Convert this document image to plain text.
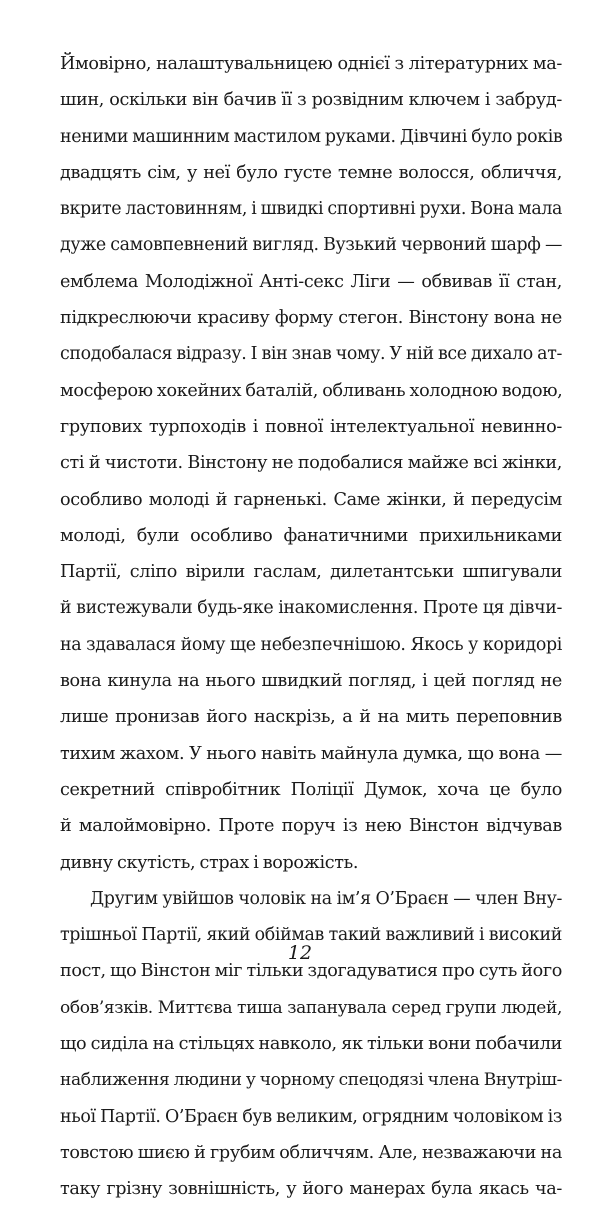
Ймовірно, налаштувальницею однієї з літературних ма-
шин, оскільки він бачив її з розвідним ключем і забруд-
неними машинним мастилом руками. Дівчині було років
двадцять сім, у неї було густе темне волосся, обличчя,
вкрите ластовинням, і швидкі спортивні рухи. Вона мала
дуже самовпевнений вигляд. Вузький червоний шарф —
емблема Молодіжної Анті-секс Ліги — обвивав її стан,
підкреслюючи красиву форму стегон. Вінстону вона не
сподобалася відразу. І він знав чому. У ній все дихало ат-
мосферою хокейних баталій, обливань холодною водою,
групових турпоходів і повної інтелектуальної невинно-
сті й чистоти. Вінстону не подобалися майже всі жінки,
особливо молоді й гарненькі. Саме жінки, й передусім
молоді, були особливо фанатичними прихильниками
Партії, сліпо вірили гаслам, дилетантськи шпигували
й вистежували будь-яке інакомислення. Проте ця дівчи-
на здавалася йому ще небезпечнішою. Якось у коридорі
вона кинула на нього швидкий погляд, і цей погляд не
лише пронизав його наскрізь, а й на мить переповнив
тихим жахом. У нього навіть майнула думка, що вона —
секретний співробітник Поліції Думок, хоча це було
й малоймовірно. Проте поруч із нею Вінстон відчував
дивну скутість, страх і ворожість.
Другим увійшов чоловік на ім’я О’Браєн — член Вну-
трішньої Партії, який обіймав такий важливий і високий
пост, що Вінстон міг тільки здогадуватися про суть його
обов’язків. Миттєва тиша запанувала серед групи людей,
що сиділа на стільцях навколо, як тільки вони побачили
наближення людини у чорному спецодязі члена Внутріш-
ньої Партії. О’Браєн був великим, огрядним чоловіком із
товстою шиєю й грубим обличчям. Але, незважаючи на
таку грізну зовнішність, у його манерах була якась ча-
12
